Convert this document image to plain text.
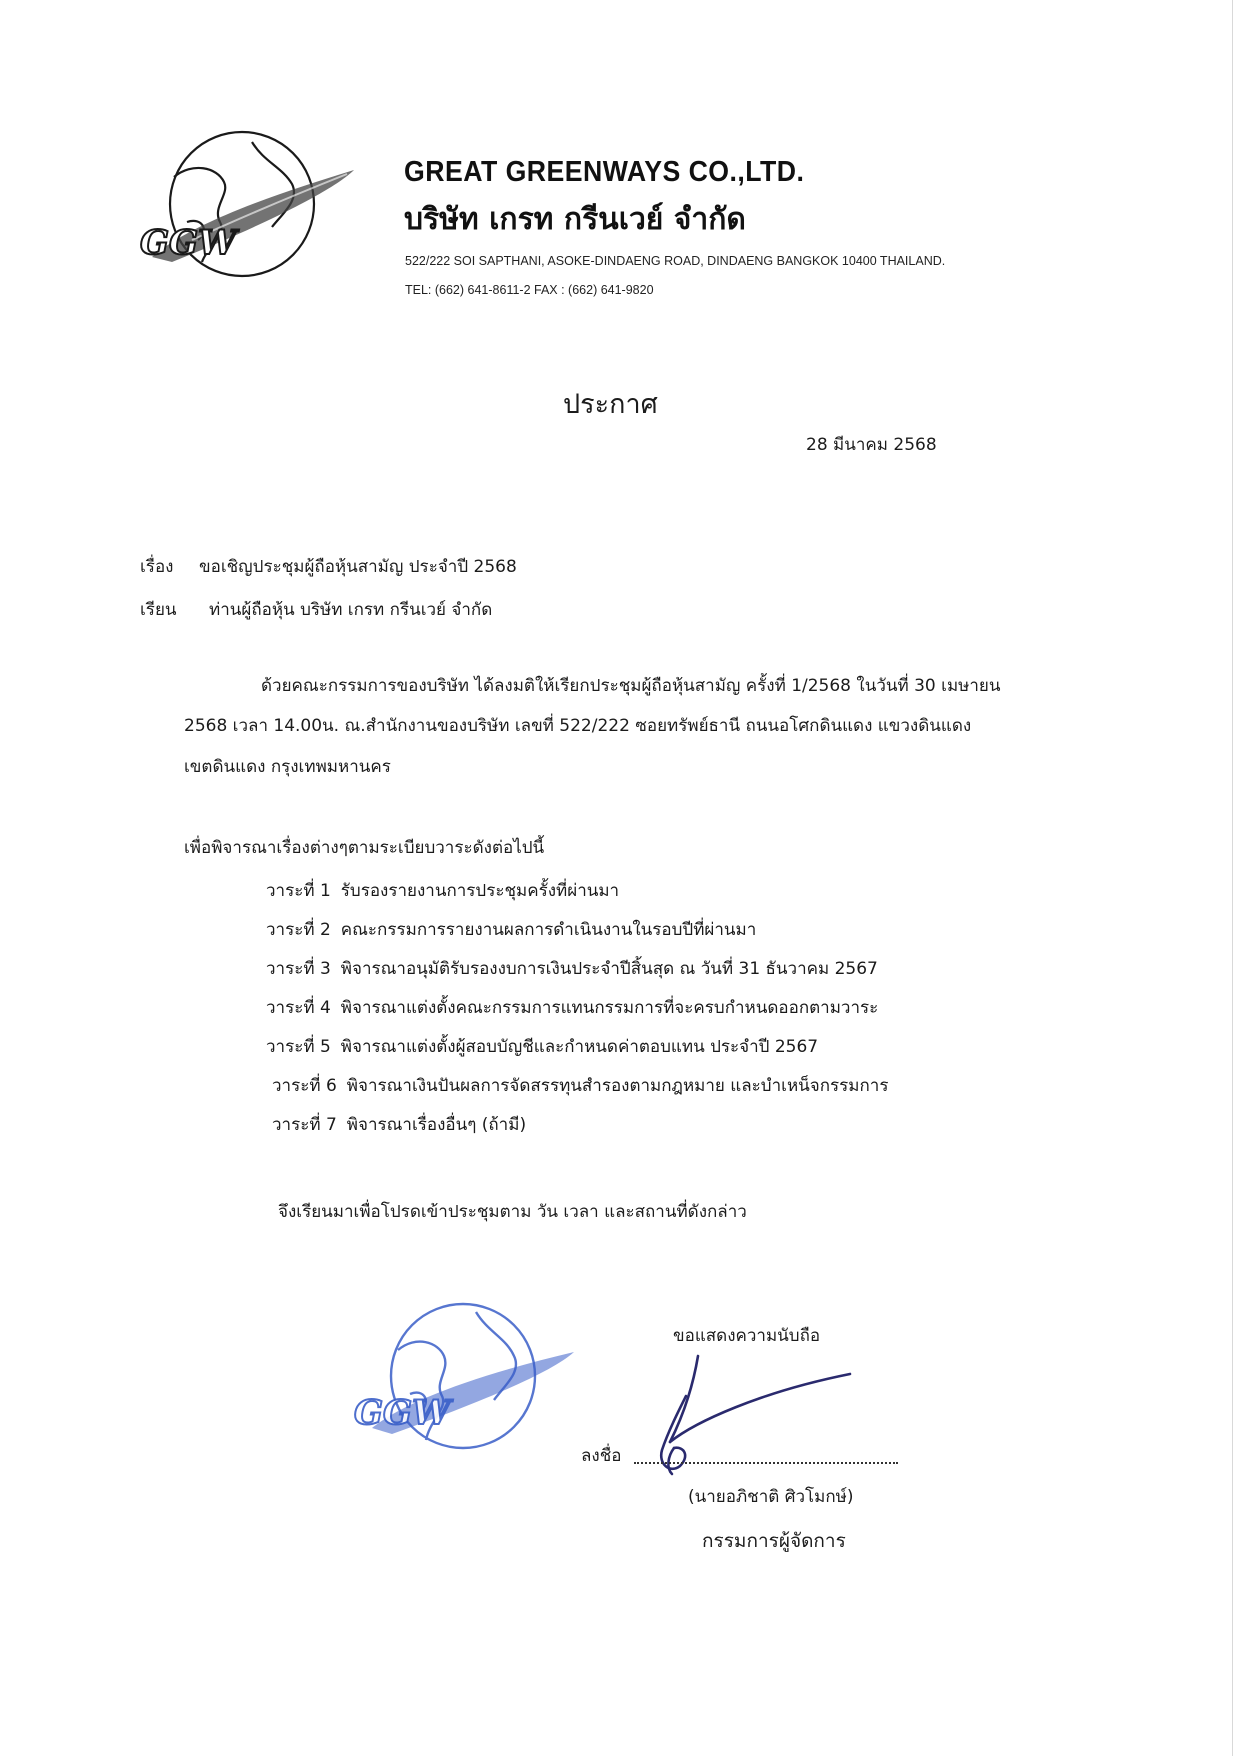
GGW
GREAT GREENWAYS CO.,LTD.
บริษัท เกรท กรีนเวย์ จำกัด
522/222 SOI SAPTHANI, ASOKE-DINDAENG ROAD, DINDAENG BANGKOK 10400 THAILAND.
TEL: (662) 641-8611-2 FAX : (662) 641-9820
ประกาศ
28 มีนาคม 2568
เรื่อง ขอเชิญประชุมผู้ถือหุ้นสามัญ ประจำปี 2568
เรียน ท่านผู้ถือหุ้น บริษัท เกรท กรีนเวย์ จำกัด
ด้วยคณะกรรมการของบริษัท ได้ลงมติให้เรียกประชุมผู้ถือหุ้นสามัญ ครั้งที่ 1/2568 ในวันที่ 30 เมษายน
2568 เวลา 14.00น. ณ.สำนักงานของบริษัท เลขที่ 522/222 ซอยทรัพย์ธานี ถนนอโศกดินแดง แขวงดินแดง
เขตดินแดง กรุงเทพมหานคร
เพื่อพิจารณาเรื่องต่างๆตามระเบียบวาระดังต่อไปนี้
วาระที่ 1 รับรองรายงานการประชุมครั้งที่ผ่านมา
วาระที่ 2 คณะกรรมการรายงานผลการดำเนินงานในรอบปีที่ผ่านมา
วาระที่ 3 พิจารณาอนุมัติรับรองงบการเงินประจำปีสิ้นสุด ณ วันที่ 31 ธันวาคม 2567
วาระที่ 4 พิจารณาแต่งตั้งคณะกรรมการแทนกรรมการที่จะครบกำหนดออกตามวาระ
วาระที่ 5 พิจารณาแต่งตั้งผู้สอบบัญชีและกำหนดค่าตอบแทน ประจำปี 2567
วาระที่ 6 พิจารณาเงินปันผลการจัดสรรทุนสำรองตามกฎหมาย และบำเหน็จกรรมการ
วาระที่ 7 พิจารณาเรื่องอื่นๆ (ถ้ามี)
จึงเรียนมาเพื่อโปรดเข้าประชุมตาม วัน เวลา และสถานที่ดังกล่าว
GGW
ขอแสดงความนับถือ
ลงชื่อ
(นายอภิชาติ ศิวโมกษ์)
กรรมการผู้จัดการ
